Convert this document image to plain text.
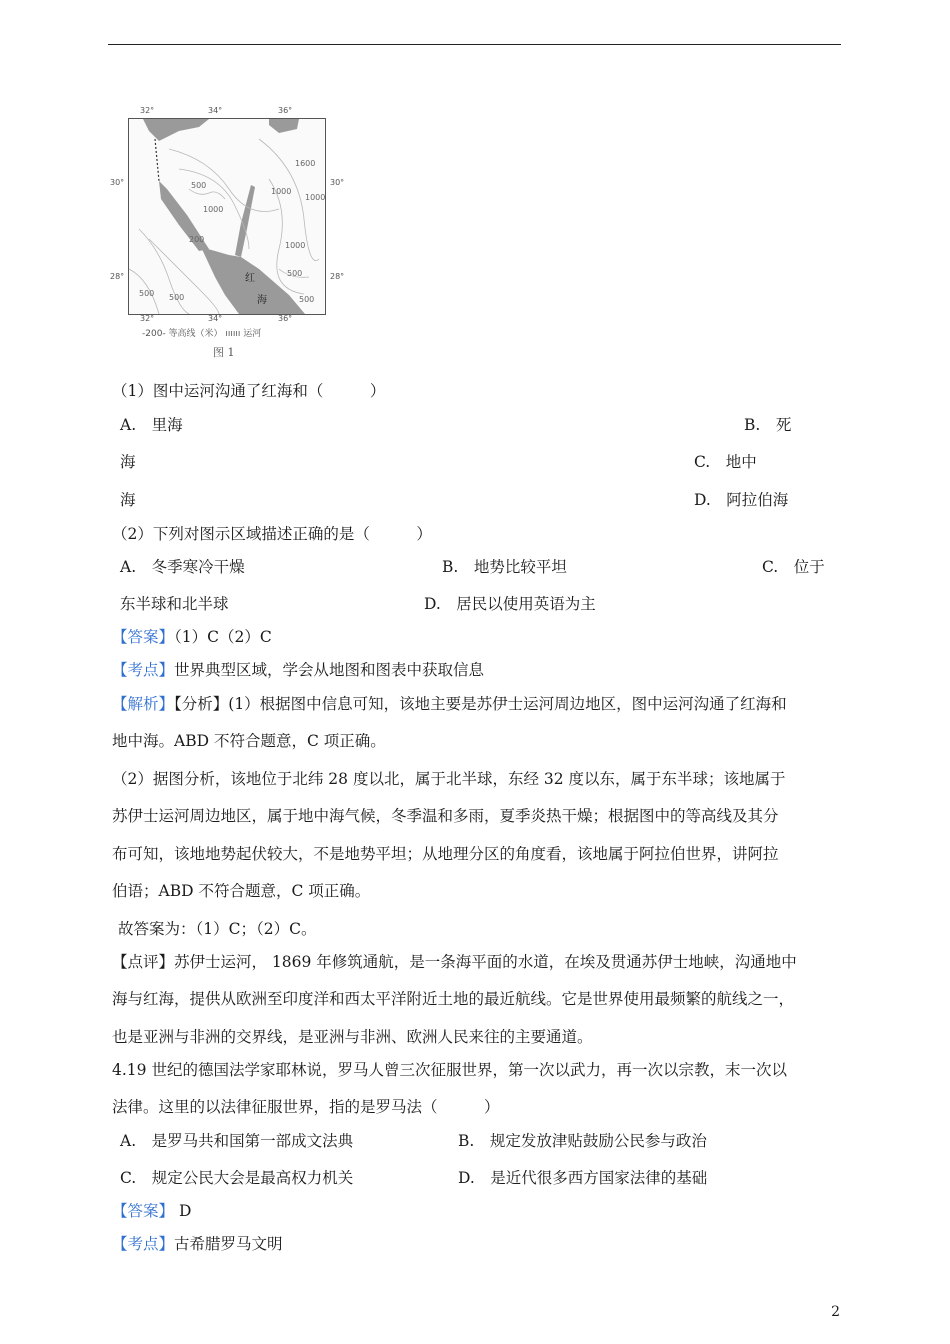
32°	34°	36°
30°
28°
30°
28°
500
1000
1000
1600
1000
200
1000
500 500
500
500
红
海
32°	34°	36°
-200- 等高线（米） ıııııı 运河
图 1
（1）图中运河沟通了红海和（　　　）
A.　里海	B.　死
海	C.　地中
海	D.　阿拉伯海
（2）下列对图示区域描述正确的是（　　　）
A.　冬季寒冷干燥	B.　地势比较平坦	C.　位于
东半球和北半球	D.　居民以使用英语为主
【答案】（1）C（2）C
【考点】世界典型区域，学会从地图和图表中获取信息
【解析】【分析】(1）根据图中信息可知，该地主要是苏伊士运河周边地区，图中运河沟通了红海和
地中海。ABD 不符合题意，C 项正确。
（2）据图分析，该地位于北纬 28 度以北，属于北半球，东经 32 度以东，属于东半球；该地属于
苏伊士运河周边地区，属于地中海气候，冬季温和多雨，夏季炎热干燥；根据图中的等高线及其分
布可知，该地地势起伏较大，不是地势平坦；从地理分区的角度看，该地属于阿拉伯世界，讲阿拉
伯语；ABD 不符合题意，C 项正确。
故答案为：（1）C；（2）C。
【点评】苏伊士运河， 1869 年修筑通航，是一条海平面的水道，在埃及贯通苏伊士地峡，沟通地中
海与红海，提供从欧洲至印度洋和西太平洋附近土地的最近航线。它是世界使用最频繁的航线之一，
也是亚洲与非洲的交界线，是亚洲与非洲、欧洲人民来往的主要通道。
4.19 世纪的德国法学家耶林说，罗马人曾三次征服世界，第一次以武力，再一次以宗教，末一次以
法律。这里的以法律征服世界，指的是罗马法（　　　）
A.　是罗马共和国第一部成文法典	B.　规定发放津贴鼓励公民参与政治
C.　规定公民大会是最高权力机关	D.　是近代很多西方国家法律的基础
【答案】 D
【考点】古希腊罗马文明
2
